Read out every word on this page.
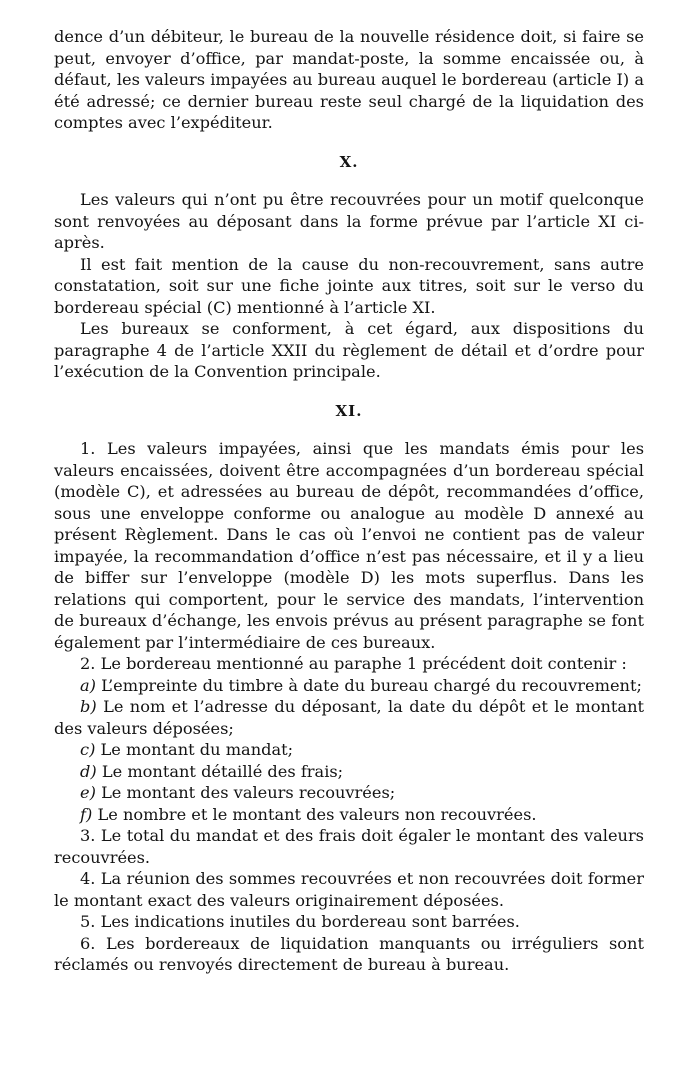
dence d’un débiteur, le bureau de la nouvelle résidence doit, si faire se peut, envoyer d’office, par mandat-poste, la somme encaissée ou, à défaut, les valeurs impayées au bureau auquel le bordereau (article I) a été adressé; ce dernier bureau reste seul chargé de la liquidation des comptes avec l’expéditeur.

X.

Les valeurs qui n’ont pu être recouvrées pour un motif quelconque sont renvoyées au déposant dans la forme prévue par l’article XI ci-après.

Il est fait mention de la cause du non-recouvrement, sans autre constatation, soit sur une fiche jointe aux titres, soit sur le verso du bordereau spécial (C) mentionné à l’article XI.

Les bureaux se conforment, à cet égard, aux dispositions du paragraphe 4 de l’article XXII du règlement de détail et d’ordre pour l’exécution de la Convention principale.

XI.

1. Les valeurs impayées, ainsi que les mandats émis pour les valeurs encaissées, doivent être accompagnées d’un bordereau spécial (modèle C), et adressées au bureau de dépôt, recommandées d’office, sous une enveloppe conforme ou analogue au modèle D annexé au présent Règlement. Dans le cas où l’envoi ne contient pas de valeur impayée, la recommandation d’office n’est pas nécessaire, et il y a lieu de biffer sur l’enveloppe (modèle D) les mots superflus. Dans les relations qui comportent, pour le service des mandats, l’intervention de bureaux d’échange, les envois prévus au présent paragraphe se font également par l’intermédiaire de ces bureaux.

2. Le bordereau mentionné au paraphe 1 précédent doit contenir :

a) L’empreinte du timbre à date du bureau chargé du recouvrement;

b) Le nom et l’adresse du déposant, la date du dépôt et le montant des valeurs déposées;

c) Le montant du mandat;

d) Le montant détaillé des frais;

e) Le montant des valeurs recouvrées;

f) Le nombre et le montant des valeurs non recouvrées.

3. Le total du mandat et des frais doit égaler le montant des valeurs recouvrées.

4. La réunion des sommes recouvrées et non recouvrées doit former le montant exact des valeurs originairement déposées.

5. Les indications inutiles du bordereau sont barrées.

6. Les bordereaux de liquidation manquants ou irréguliers sont réclamés ou renvoyés directement de bureau à bureau.
